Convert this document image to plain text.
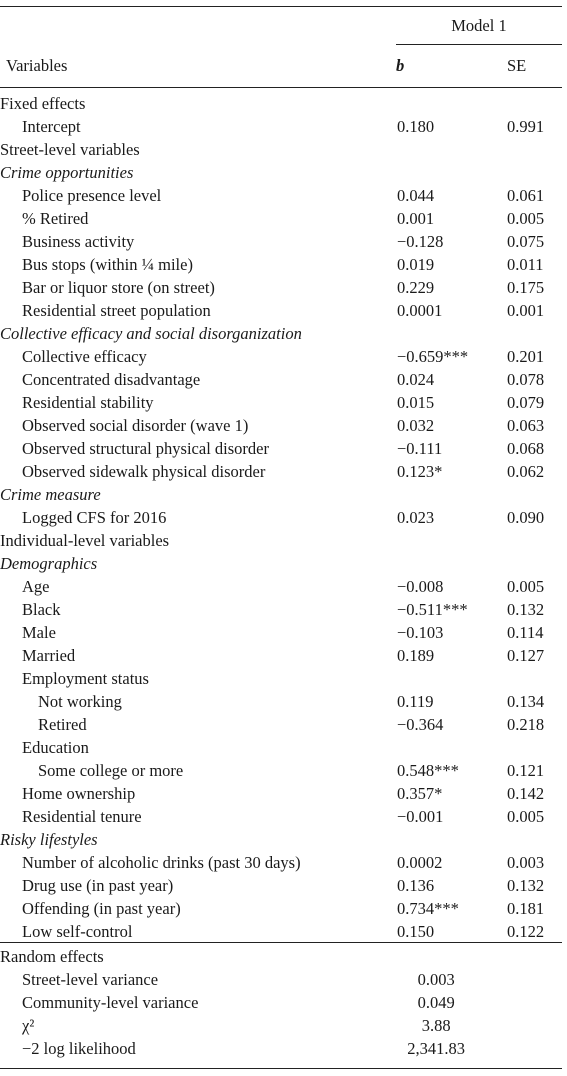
Model 1
Variables	b	SE
Fixed effects		
Intercept	0.180	0.991
Street-level variables		
Crime opportunities		
Police presence level	0.044	0.061
% Retired	0.001	0.005
Business activity	−0.128	0.075
Bus stops (within ¼ mile)	0.019	0.011
Bar or liquor store (on street)	0.229	0.175
Residential street population	0.0001	0.001
Collective efficacy and social disorganization		
Collective efficacy	−0.659***	0.201
Concentrated disadvantage	0.024	0.078
Residential stability	0.015	0.079
Observed social disorder (wave 1)	0.032	0.063
Observed structural physical disorder	−0.111	0.068
Observed sidewalk physical disorder	0.123*	0.062
Crime measure		
Logged CFS for 2016	0.023	0.090
Individual-level variables		
Demographics		
Age	−0.008	0.005
Black	−0.511***	0.132
Male	−0.103	0.114
Married	0.189	0.127
Employment status		
Not working	0.119	0.134
Retired	−0.364	0.218
Education		
Some college or more	0.548***	0.121
Home ownership	0.357*	0.142
Residential tenure	−0.001	0.005
Risky lifestyles		
Number of alcoholic drinks (past 30 days)	0.0002	0.003
Drug use (in past year)	0.136	0.132
Offending (in past year)	0.734***	0.181
Low self-control	0.150	0.122
Random effects	
Street-level variance	0.003
Community-level variance	0.049
χ²	3.88
−2 log likelihood	2,341.83
